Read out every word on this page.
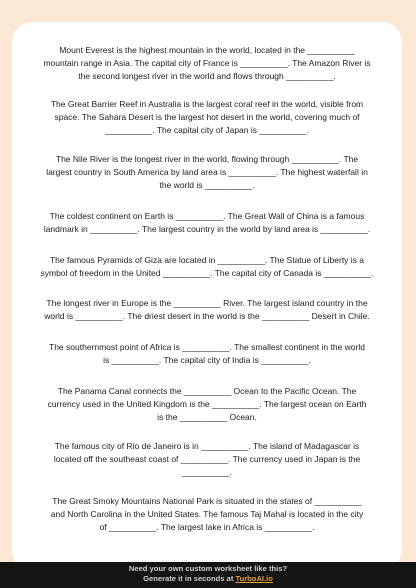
Mount Everest is the highest mountain in the world, located in the __________
mountain range in Asia. The capital city of France is __________. The Amazon River is
the second longest river in the world and flows through __________.

The Great Barrier Reef in Australia is the largest coral reef in the world, visible from
space. The Sahara Desert is the largest hot desert in the world, covering much of
__________. The capital city of Japan is __________.

The Nile River is the longest river in the world, flowing through __________. The
largest country in South America by land area is __________. The highest waterfall in
the world is __________.

The coldest continent on Earth is __________. The Great Wall of China is a famous
landmark in __________. The largest country in the world by land area is __________.

The famous Pyramids of Giza are located in __________. The Statue of Liberty is a
symbol of freedom in the United __________. The capital city of Canada is __________.

The longest river in Europe is the __________ River. The largest island country in the
world is __________. The driest desert in the world is the __________ Desert in Chile.

The southernmost point of Africa is __________. The smallest continent in the world
is __________. The capital city of India is __________.

The Panama Canal connects the __________ Ocean to the Pacific Ocean. The
currency used in the United Kingdom is the __________. The largest ocean on Earth
is the __________ Ocean.

The famous city of Rio de Janeiro is in __________. The island of Madagascar is
located off the southeast coast of __________. The currency used in Japan is the
__________.

The Great Smoky Mountains National Park is situated in the states of __________
and North Carolina in the United States. The famous Taj Mahal is located in the city
of __________. The largest lake in Africa is __________.

Need your own custom worksheet like this?
Generate it in seconds at TurboAI.io
